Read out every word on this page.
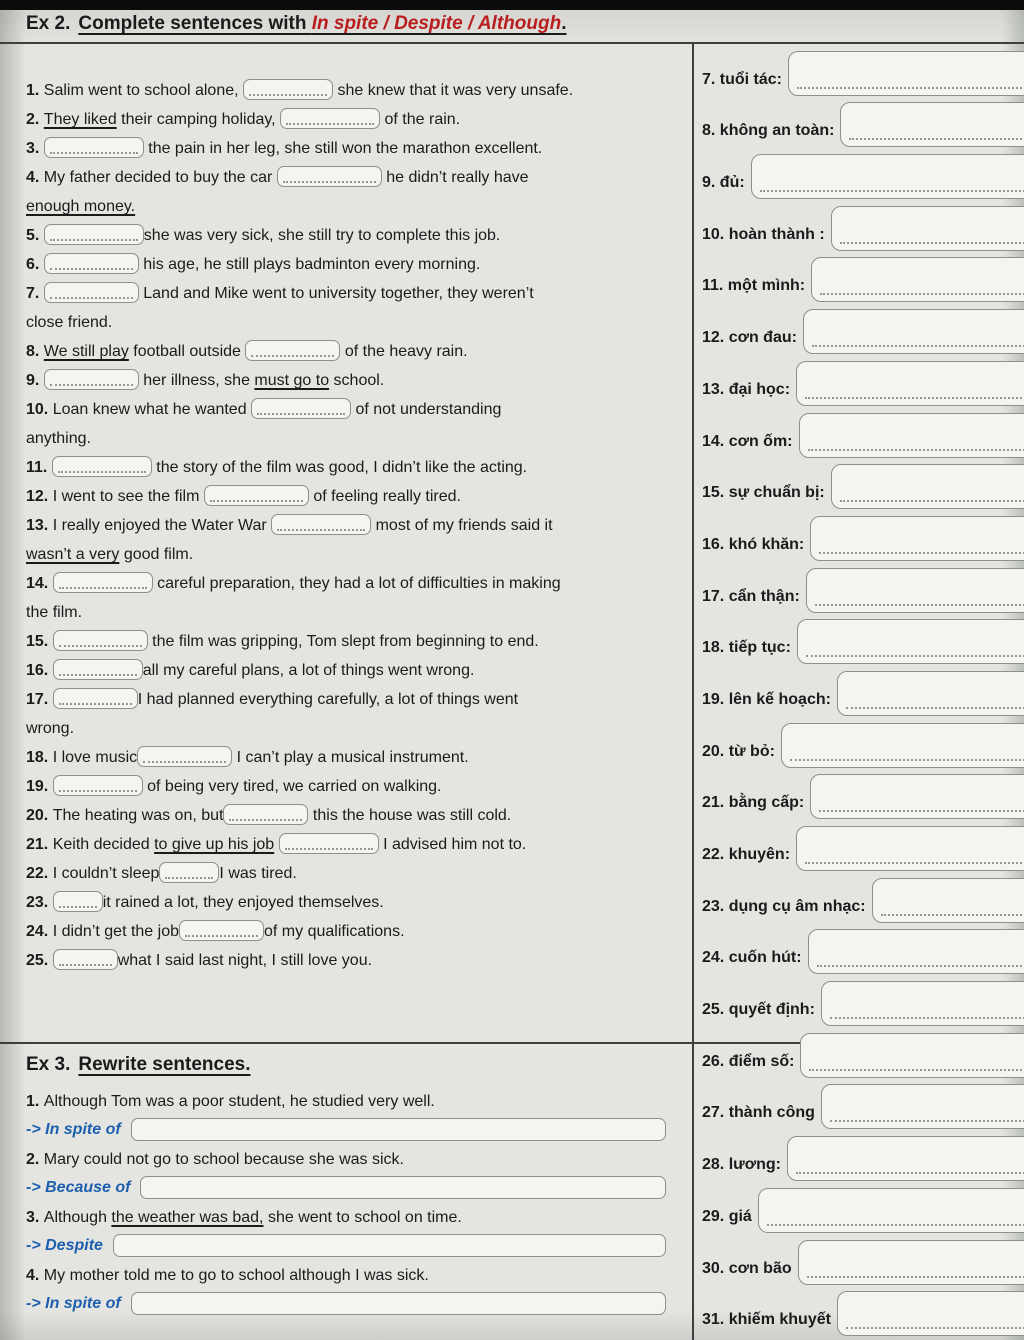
Ex 2. Complete sentences with In spite / Despite / Although.
1. Salim went to school alone,	she knew that it was very unsafe.
2. They liked their camping holiday,	of the rain.
3.	the pain in her leg, she still won the marathon excellent.
4. My father decided to buy the car	he didn’t really have
enough money.
5.	she was very sick, she still try to complete this job.
6.	his age, he still plays badminton every morning.
7.	Land and Mike went to university together, they weren’t
close friend.
8. We still play football outside	of the heavy rain.
9.	her illness, she must go to school.
10. Loan knew what he wanted	of not understanding
anything.
11.	the story of the film was good, I didn’t like the acting.
12. I went to see the film	of feeling really tired.
13. I really enjoyed the Water War	most of my friends said it
wasn’t a very good film.
14.	careful preparation, they had a lot of difficulties in making
the film.
15.	the film was gripping, Tom slept from beginning to end.
16.	all my careful plans, a lot of things went wrong.
17.	I had planned everything carefully, a lot of things went
wrong.
18. I love music	I can’t play a musical instrument.
19.	of being very tired, we carried on walking.
20. The heating was on, but	this the house was still cold.
21. Keith decided to give up his job	I advised him not to.
22. I couldn’t sleep	I was tired.
23.	it rained a lot, they enjoyed themselves.
24. I didn’t get the job	of my qualifications.
25.	what I said last night, I still love you.
7. tuổi tác:
8. không an toàn:
9. đủ:
10. hoàn thành :
11. một mình:
12. cơn đau:
13. đại học:
14. cơn ốm:
15. sự chuẩn bị:
16. khó khăn:
17. cẩn thận:
18. tiếp tục:
19. lên kế hoạch:
20. từ bỏ:
21. bằng cấp:
22. khuyên:
23. dụng cụ âm nhạc:
24. cuốn hút:
25. quyết định:
26. điểm số:
27. thành công
28. lương:
29. giá
30. cơn bão
31. khiếm khuyết
Ex 3. Rewrite sentences.
1. Although Tom was a poor student, he studied very well.
-> In spite of
2. Mary could not go to school because she was sick.
-> Because of
3. Although the weather was bad, she went to school on time.
-> Despite
4. My mother told me to go to school although I was sick.
-> In spite of
